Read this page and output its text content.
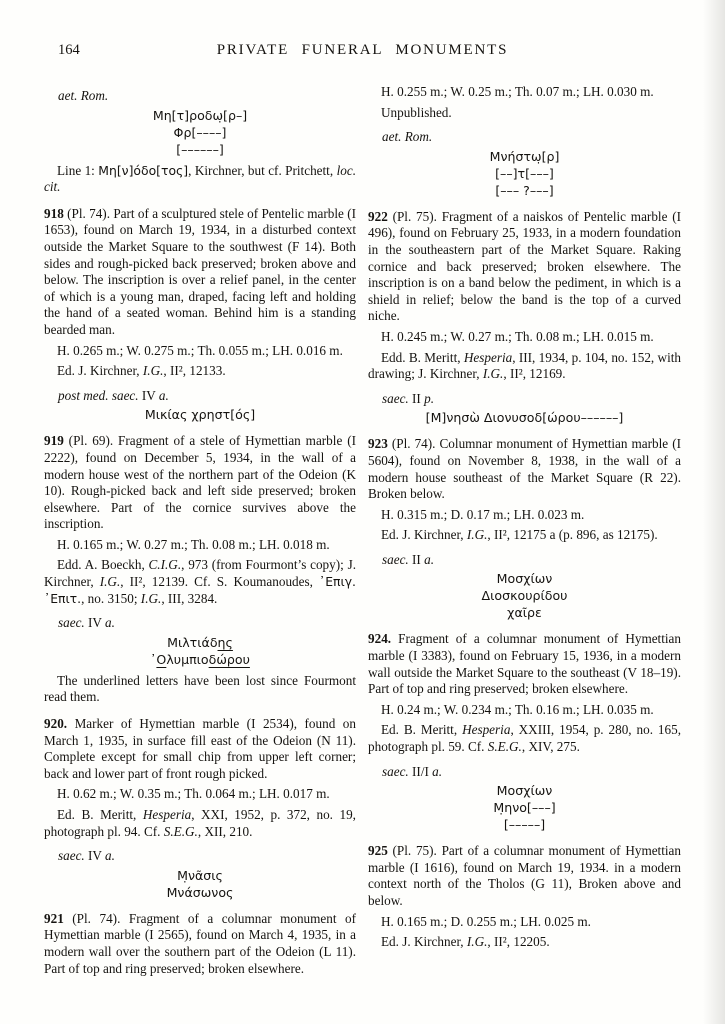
164	PRIVATE FUNERAL MONUMENTS
aet. Rom.
Μη[τ]ροδω̣[ρ–]
Φρ[––––]
[––––––]
Line 1: Μη[ν]όδο[τος], Kirchner, but cf. Pritchett, loc. cit.
918 (Pl. 74). Part of a sculptured stele of Pentelic marble (I 1653), found on March 19, 1934, in a disturbed context outside the Market Square to the southwest (F 14). Both sides and rough-picked back preserved; broken above and below. The inscription is over a relief panel, in the center of which is a young man, draped, facing left and holding the hand of a seated woman. Behind him is a standing bearded man.
H. 0.265 m.; W. 0.275 m.; Th. 0.055 m.; LH. 0.016 m.
Ed. J. Kirchner, I.G., II², 12133.
post med. saec. IV a.
Μικίας χρηστ[ός]
919 (Pl. 69). Fragment of a stele of Hymettian marble (I 2222), found on December 5, 1934, in the wall of a modern house west of the northern part of the Odeion (K 10). Rough-picked back and left side preserved; broken elsewhere. Part of the cornice survives above the inscription.
H. 0.165 m.; W. 0.27 m.; Th. 0.08 m.; LH. 0.018 m.
Edd. A. Boeckh, C.I.G., 973 (from Fourmont’s copy); J. Kirchner, I.G., II², 12139. Cf. S. Koumanoudes, ᾿Επιγ. ᾿Επιτ., no. 3150; I.G., III, 3284.
saec. IV a.
Μιλτιάδης
᾿Ολυμπιοδώρου
The underlined letters have been lost since Fourmont read them.
920. Marker of Hymettian marble (I 2534), found on March 1, 1935, in surface fill east of the Odeion (N 11). Complete except for small chip from upper left corner; back and lower part of front rough picked.
H. 0.62 m.; W. 0.35 m.; Th. 0.064 m.; LH. 0.017 m.
Ed. B. Meritt, Hesperia, XXI, 1952, p. 372, no. 19, photograph pl. 94. Cf. S.E.G., XII, 210.
saec. IV a.
Μ̣νᾶσις
Μνάσωνος
921 (Pl. 74). Fragment of a columnar monument of Hymettian marble (I 2565), found on March 4, 1935, in a modern wall over the southern part of the Odeion (L 11). Part of top and ring preserved; broken elsewhere.
H. 0.255 m.; W. 0.25 m.; Th. 0.07 m.; LH. 0.030 m.
Unpublished.
aet. Rom.
Μνήστω̣[ρ]
[––]τ[–––]
[––– ?–––]
922 (Pl. 75). Fragment of a naiskos of Pentelic marble (I 496), found on February 25, 1933, in a modern foundation in the southeastern part of the Market Square. Raking cornice and back preserved; broken elsewhere. The inscription is on a band below the pediment, in which is a shield in relief; below the band is the top of a curved niche.
H. 0.245 m.; W. 0.27 m.; Th. 0.08 m.; LH. 0.015 m.
Edd. B. Meritt, Hesperia, III, 1934, p. 104, no. 152, with drawing; J. Kirchner, I.G., II², 12169.
saec. II p.
[Μ]νησὼ Διονυσοδ[ώρου––––––]
923 (Pl. 74). Columnar monument of Hymettian marble (I 5604), found on November 8, 1938, in the wall of a modern house southeast of the Market Square (R 22). Broken below.
H. 0.315 m.; D. 0.17 m.; LH. 0.023 m.
Ed. J. Kirchner, I.G., II², 12175 a (p. 896, as 12175).
saec. II a.
Μοσχίων
Διοσκουρίδου
χαῖρε
924. Fragment of a columnar monument of Hymettian marble (I 3383), found on February 15, 1936, in a modern wall outside the Market Square to the southeast (V 18–19). Part of top and ring preserved; broken elsewhere.
H. 0.24 m.; W. 0.234 m.; Th. 0.16 m.; LH. 0.035 m.
Ed. B. Meritt, Hesperia, XXIII, 1954, p. 280, no. 165, photograph pl. 59. Cf. S.E.G., XIV, 275.
saec. II/I a.
Μοσχίων
Μ̣ηνο[–––]
[–––––]
925 (Pl. 75). Part of a columnar monument of Hymettian marble (I 1616), found on March 19, 1934. in a modern context north of the Tholos (G 11), Broken above and below.
H. 0.165 m.; D. 0.255 m.; LH. 0.025 m.
Ed. J. Kirchner, I.G., II², 12205.
